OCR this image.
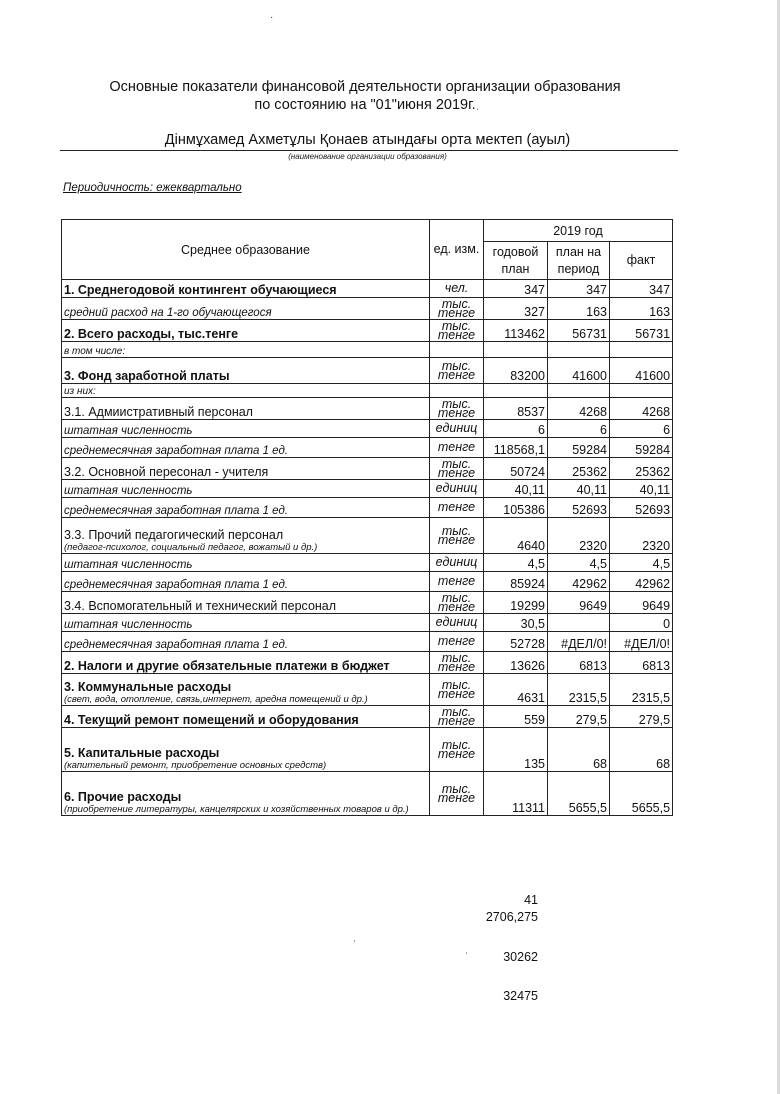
Основные показатели финансовой деятельности организации образования
по состоянию на "01"июня 2019г.
Дінмұхамед Ахметұлы Қонаев атындағы орта мектеп (ауыл)
(наименование организации образования)
Периодичность: ежеквартально
Среднее образование	ед. изм.	2019 год		
		годовой план	план на период	факт
1. Среднегодовой контингент обучающиеся	чел.	347	347	347
средний расход на 1-го обучающегося	тыс. тенге	327	163	163
2. Всего расходы, тыс.тенге	тыс. тенге	113462	56731	56731
в том числе:				
3. Фонд заработной платы	тыс. тенге	83200	41600	41600
из них:				
3.1. Адмиистративный персонал	тыс. тенге	8537	4268	4268
штатная численность	единиц	6	6	6
среднемесячная заработная плата 1 ед.	тенге	118568,1	59284	59284
3.2. Основной пересонал - учителя	тыс. тенге	50724	25362	25362
штатная численность	единиц	40,11	40,11	40,11
среднемесячная заработная плата 1 ед.	тенге	105386	52693	52693
3.3. Прочий педагогический персонал
(педагог-психолог, социальный педагог, вожатый и др.)	тыс. тенге	4640	2320	2320
штатная численность	единиц	4,5	4,5	4,5
среднемесячная заработная плата 1 ед.	тенге	85924	42962	42962
3.4. Вспомогательный и технический персонал	тыс. тенге	19299	9649	9649
штатная численность	единиц	30,5		0
среднемесячная заработная плата 1 ед.	тенге	52728	#ДЕЛ/0!	#ДЕЛ/0!
2. Налоги и другие обязательные платежи в бюджет	тыс. тенге	13626	6813	6813
3. Коммунальные расходы
(свет, вода, отопление, связь,интернет, аредна помещений и др.)	тыс. тенге	4631	2315,5	2315,5
4. Текущий ремонт помещений и оборудования	тыс. тенге	559	279,5	279,5
5. Капитальные расходы
(капительный ремонт, приобретение основных средств)	тыс. тенге	135	68	68
6. Прочие расходы
(приобретение литературы, канцелярских и хозяйственных товаров и др.)	тыс. тенге	11311	5655,5	5655,5
41
2706,275
30262
32475
·
ˈ
ˈ
ˈ
